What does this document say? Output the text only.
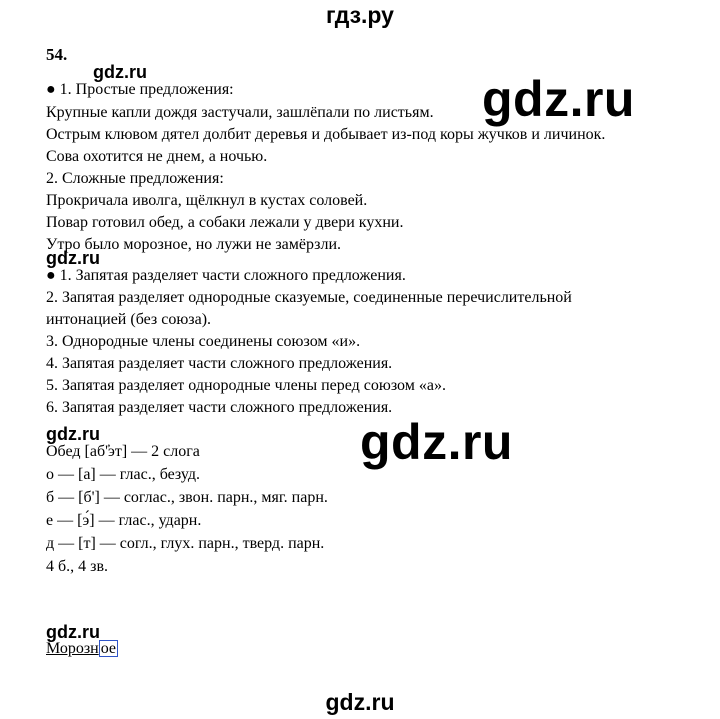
гдз.ру
54.
gdz.ru	gdz.ru
gdz.ru
gdz.ru
gdz.ru
gdz.ru
● 1. Простые предложения:
Крупные капли дождя застучали, зашлёпали по листьям.
Острым клювом дятел долбит деревья и добывает из-под коры жучков и личинок.
Сова охотится не днем, а ночью.
2. Сложные предложения:
Прокричала иволга, щёлкнул в кустах соловей.
Повар готовил обед, а собаки лежали у двери кухни.
Утро было морозное, но лужи не замёрзли.
● 1. Запятая разделяет части сложного предложения.
2. Запятая разделяет однородные сказуемые, соединенные перечислительной
интонацией (без союза).
3. Однородные члены соединены союзом «и».
4. Запятая разделяет части сложного предложения.
5. Запятая разделяет однородные члены перед союзом «а».
6. Запятая разделяет части сложного предложения.
Обед [аб'̕эт] — 2 слога
о — [а] — глас., безуд.
б — [б'] — соглас., звон. парн., мяг. парн.
е — [э́] — глас., ударн.
д — [т] — согл., глух. парн., тверд. парн.
4 б., 4 зв.
Морозн ое
gdz.ru
